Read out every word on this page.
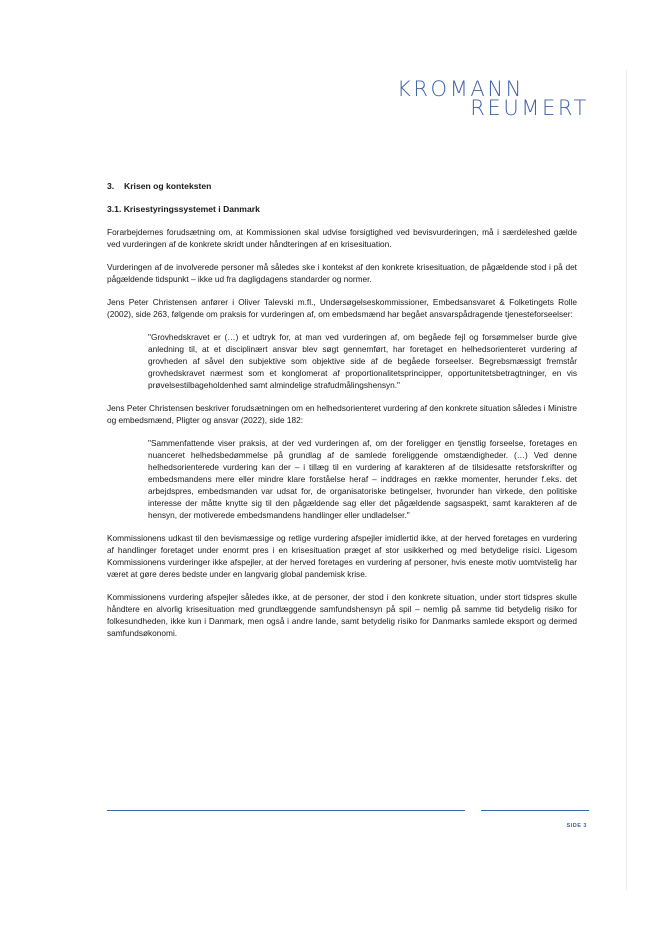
KROMANN
REUMERT
3. Krisen og konteksten
3.1. Krisestyringssystemet i Danmark

Forarbejdernes forudsætning om, at Kommissionen skal udvise forsigtighed ved bevisvurderingen, må i særdeleshed gælde ved vurderingen af de konkrete skridt under håndteringen af en krisesituation.

Vurderingen af de involverede personer må således ske i kontekst af den konkrete krisesituation, de pågældende stod i på det pågældende tidspunkt – ikke ud fra dagligdagens standarder og normer.

Jens Peter Christensen anfører i Oliver Talevski m.fl., Undersøgelseskommissioner, Embedsansvaret & Folketingets Rolle (2002), side 263, følgende om praksis for vurderingen af, om embedsmænd har begået ansvarspådragende tjenesteforseelser:

"Grovhedskravet er (…) et udtryk for, at man ved vurderingen af, om begåede fejl og forsømmelser burde give anledning til, at et disciplinært ansvar blev søgt gennemført, har foretaget en helhedsorienteret vurdering af grovheden af såvel den subjektive som objektive side af de begåede forseelser. Begrebsmæssigt fremstår grovhedskravet nærmest som et konglomerat af proportionalitetsprincipper, opportunitetsbetragtninger, en vis prøvelsestilbageholdenhed samt almindelige strafudmålingshensyn."

Jens Peter Christensen beskriver forudsætningen om en helhedsorienteret vurdering af den konkrete situation således i Ministre og embedsmænd, Pligter og ansvar (2022), side 182:

"Sammenfattende viser praksis, at der ved vurderingen af, om der foreligger en tjenstlig forseelse, foretages en nuanceret helhedsbedømmelse på grundlag af de samlede foreliggende omstændigheder. (…) Ved denne helhedsorienterede vurdering kan der – i tillæg til en vurdering af karakteren af de tilsidesatte retsforskrifter og embedsmandens mere eller mindre klare forståelse heraf – inddrages en række momenter, herunder f.eks. det arbejdspres, embedsmanden var udsat for, de organisatoriske betingelser, hvorunder han virkede, den politiske interesse der måtte knytte sig til den pågældende sag eller det pågældende sagsaspekt, samt karakteren af de hensyn, der motiverede embedsmandens handlinger eller undladelser."

Kommissionens udkast til den bevismæssige og retlige vurdering afspejler imidlertid ikke, at der herved foretages en vurdering af handlinger foretaget under enormt pres i en krisesituation præget af stor usikkerhed og med betydelige risici. Ligesom Kommissionens vurderinger ikke afspejler, at der herved foretages en vurdering af personer, hvis eneste motiv uomtvistelig har været at gøre deres bedste under en langvarig global pandemisk krise.

Kommissionens vurdering afspejler således ikke, at de personer, der stod i den konkrete situation, under stort tidspres skulle håndtere en alvorlig krisesituation med grundlæggende samfundshensyn på spil – nemlig på samme tid betydelig risiko for folkesundheden, ikke kun i Danmark, men også i andre lande, samt betydelig risiko for Danmarks samlede eksport og dermed samfundsøkonomi.

SIDE 3
